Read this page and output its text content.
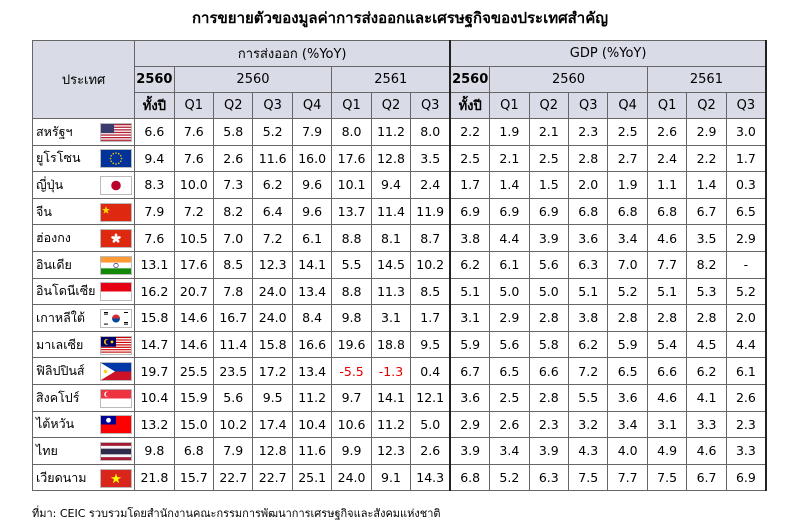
การขยายตัวของมูลค่าการส่งออกและเศรษฐกิจของประเทศสำคัญ
ประเทศ	การส่งออก (%YoY)								GDP (%YoY)							
	2560	2560				2561			2560	2560				2561		
	ทั้งปี	Q1	Q2	Q3	Q4	Q1	Q2	Q3	ทั้งปี	Q1	Q2	Q3	Q4	Q1	Q2	Q3
สหรัฐฯ	6.6	7.6	5.8	5.2	7.9	8.0	11.2	8.0	2.2	1.9	2.1	2.3	2.5	2.6	2.9	3.0
ยูโรโซน	9.4	7.6	2.6	11.6	16.0	17.6	12.8	3.5	2.5	2.1	2.5	2.8	2.7	2.4	2.2	1.7
ญี่ปุ่น	8.3	10.0	7.3	6.2	9.6	10.1	9.4	2.4	1.7	1.4	1.5	2.0	1.9	1.1	1.4	0.3
จีน	7.9	7.2	8.2	6.4	9.6	13.7	11.4	11.9	6.9	6.9	6.9	6.8	6.8	6.8	6.7	6.5
ฮ่องกง	7.6	10.5	7.0	7.2	6.1	8.8	8.1	8.7	3.8	4.4	3.9	3.6	3.4	4.6	3.5	2.9
อินเดีย	13.1	17.6	8.5	12.3	14.1	5.5	14.5	10.2	6.2	6.1	5.6	6.3	7.0	7.7	8.2	-
อินโดนีเซีย	16.2	20.7	7.8	24.0	13.4	8.8	11.3	8.5	5.1	5.0	5.0	5.1	5.2	5.1	5.3	5.2
เกาหลีใต้	15.8	14.6	16.7	24.0	8.4	9.8	3.1	1.7	3.1	2.9	2.8	3.8	2.8	2.8	2.8	2.0
มาเลเซีย	14.7	14.6	11.4	15.8	16.6	19.6	18.8	9.5	5.9	5.6	5.8	6.2	5.9	5.4	4.5	4.4
ฟิลิปปินส์	19.7	25.5	23.5	17.2	13.4	-5.5	-1.3	0.4	6.7	6.5	6.6	7.2	6.5	6.6	6.2	6.1
สิงคโปร์	10.4	15.9	5.6	9.5	11.2	9.7	14.1	12.1	3.6	2.5	2.8	5.5	3.6	4.6	4.1	2.6
ไต้หวัน	13.2	15.0	10.2	17.4	10.4	10.6	11.2	5.0	2.9	2.6	2.3	3.2	3.4	3.1	3.3	2.3
ไทย	9.8	6.8	7.9	12.8	11.6	9.9	12.3	2.6	3.9	3.4	3.9	4.3	4.0	4.9	4.6	3.3
เวียดนาม	21.8	15.7	22.7	22.7	25.1	24.0	9.1	14.3	6.8	5.2	6.3	7.5	7.7	7.5	6.7	6.9
ที่มา: CEIC รวบรวมโดยสำนักงานคณะกรรมการพัฒนาการเศรษฐกิจและสังคมแห่งชาติ
